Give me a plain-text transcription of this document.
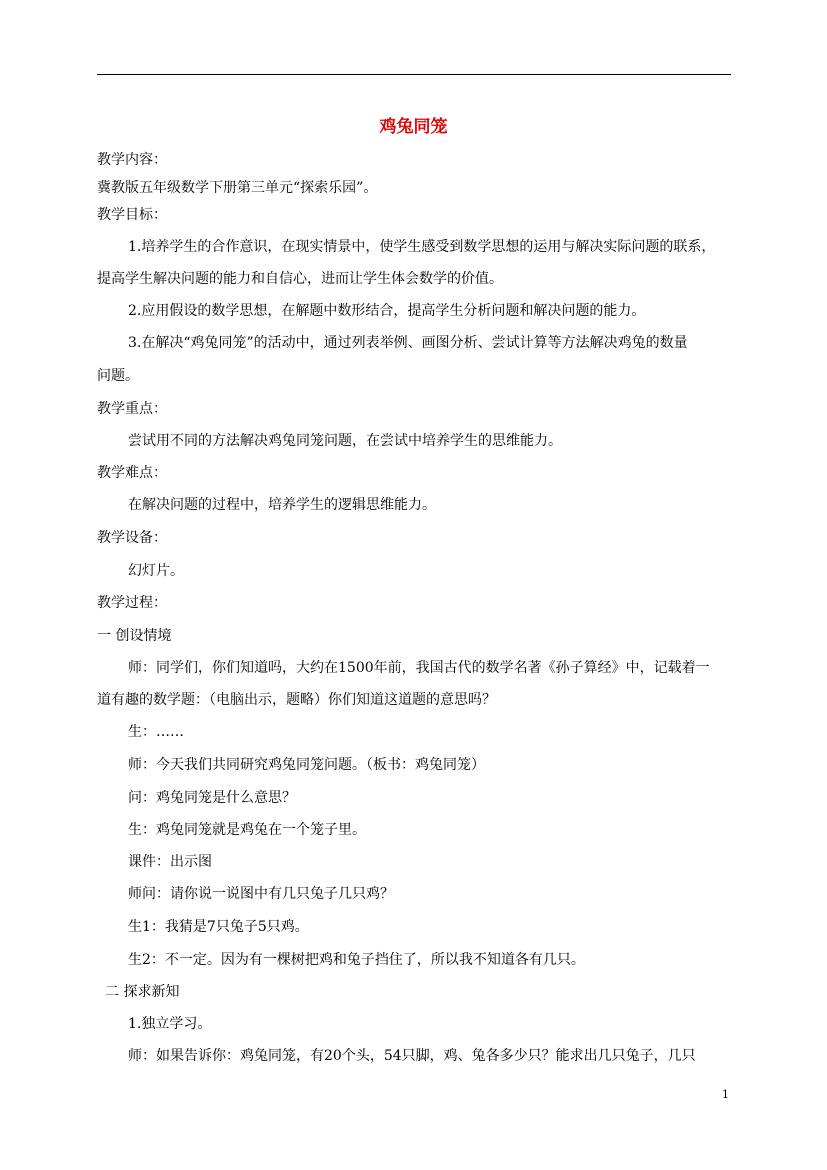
鸡兔同笼
教学内容：
冀教版五年级数学下册第三单元“探索乐园”。
教学目标：
1.培养学生的合作意识，在现实情景中，使学生感受到数学思想的运用与解决实际问题的联系，
提高学生解决问题的能力和自信心，进而让学生体会数学的价值。
2.应用假设的数学思想，在解题中数形结合，提高学生分析问题和解决问题的能力。
3.在解决“鸡兔同笼”的活动中，通过列表举例、画图分析、尝试计算等方法解决鸡兔的数量
问题。
教学重点：
尝试用不同的方法解决鸡兔同笼问题，在尝试中培养学生的思维能力。
教学难点：
在解决问题的过程中，培养学生的逻辑思维能力。
教学设备：
幻灯片。
教学过程：
一 创设情境
师：同学们，你们知道吗，大约在1500年前，我国古代的数学名著《孙子算经》中，记载着一
道有趣的数学题：（电脑出示，题略）你们知道这道题的意思吗？
生：……
师：今天我们共同研究鸡兔同笼问题。（板书：鸡兔同笼）
问：鸡兔同笼是什么意思？
生：鸡兔同笼就是鸡兔在一个笼子里。
课件：出示图
师问：请你说一说图中有几只兔子几只鸡？
生1：我猜是7只兔子5只鸡。
生2：不一定。因为有一棵树把鸡和兔子挡住了，所以我不知道各有几只。
二 探求新知
1.独立学习。
师：如果告诉你：鸡兔同笼，有20个头，54只脚，鸡、兔各多少只？能求出几只兔子，几只
1
